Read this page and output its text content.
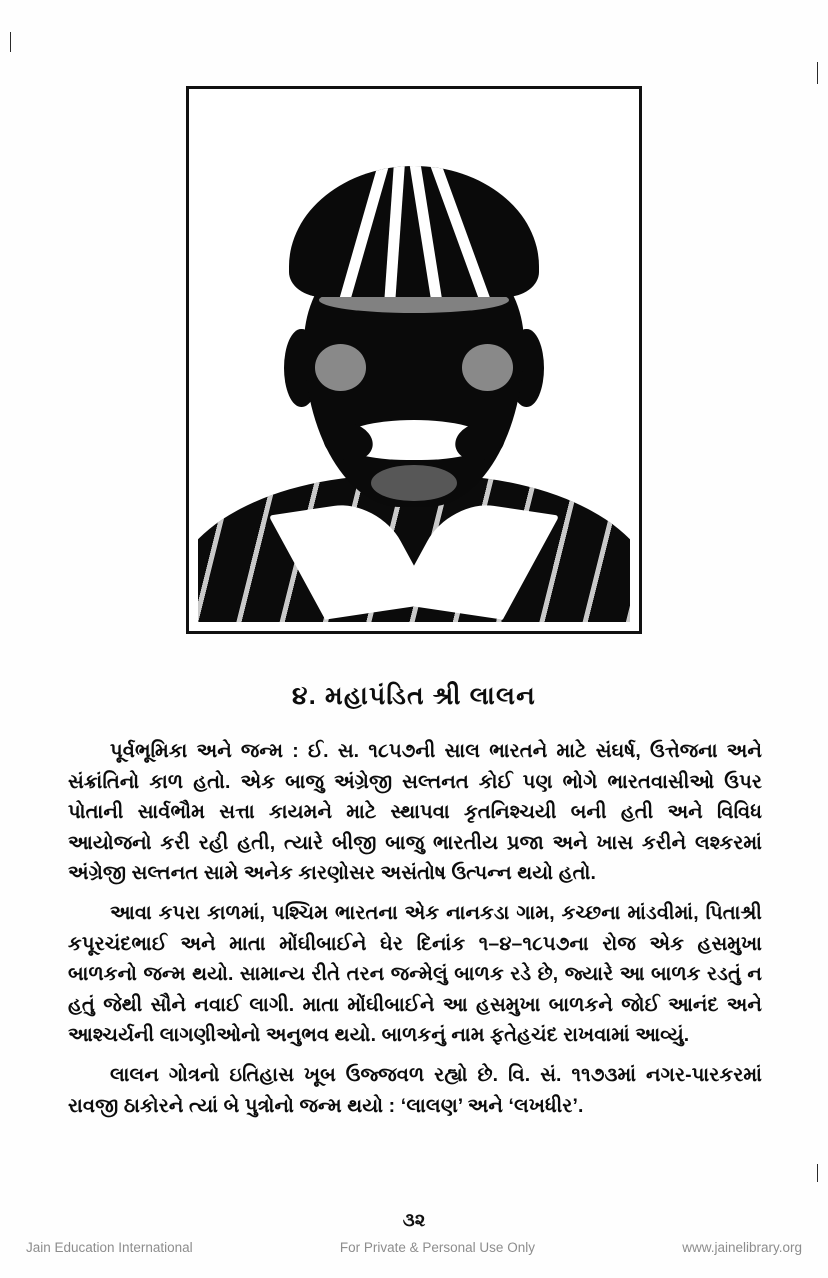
૪. મહાપંડિત શ્રી લાલન

પૂર્વભૂમિકા અને જન્મ : ઈ. સ. ૧૮૫૭ની સાલ ભારતને માટે સંઘર્ષ, ઉત્તેજના અને સંક્રાંતિનો કાળ હતો. એક બાજુ અંગ્રેજી સલ્તનત કોઈ પણ ભોગે ભારતવાસીઓ ઉપર પોતાની સાર્વભૌમ સત્તા કાયમને માટે સ્થાપવા કૃતનિશ્ચયી બની હતી અને વિવિધ આયોજનો કરી રહી હતી, ત્યારે બીજી બાજુ ભારતીય પ્રજા અને ખાસ કરીને લશ્કરમાં અંગ્રેજી સલ્તનત સામે અનેક કારણોસર અસંતોષ ઉત્પન્ન થયો હતો.

આવા કપરા કાળમાં, પશ્ચિમ ભારતના એક નાનકડા ગામ, કચ્છના માંડવીમાં, પિતાશ્રી કપૂરચંદભાઈ અને માતા મોંઘીબાઈને ઘેર દિનાંક ૧–૪–૧૮૫૭ના રોજ એક હસમુખા બાળકનો જન્મ થયો. સામાન્ય રીતે તરન જન્મેલું બાળક રડે છે, જ્યારે આ બાળક રડતું ન હતું જેથી સૌને નવાઈ લાગી. માતા મોંઘીબાઈને આ હસમુખા બાળકને જોઈ આનંદ અને આશ્ચર્યની લાગણીઓનો અનુભવ થયો. બાળકનું નામ ફતેહચંદ રાખવામાં આવ્યું.

લાલન ગોત્રનો ઇતિહાસ ખૂબ ઉજ્જવળ રહ્યો છે. વિ. સં. ૧૧૭૩માં નગર-પારકરમાં રાવજી ઠાકોરને ત્યાં બે પુત્રોનો જન્મ થયો : ‘લાલણ’ અને ‘લખધીર’.

૩૨
Jain Education International	For Private & Personal Use Only	www.jainelibrary.org
